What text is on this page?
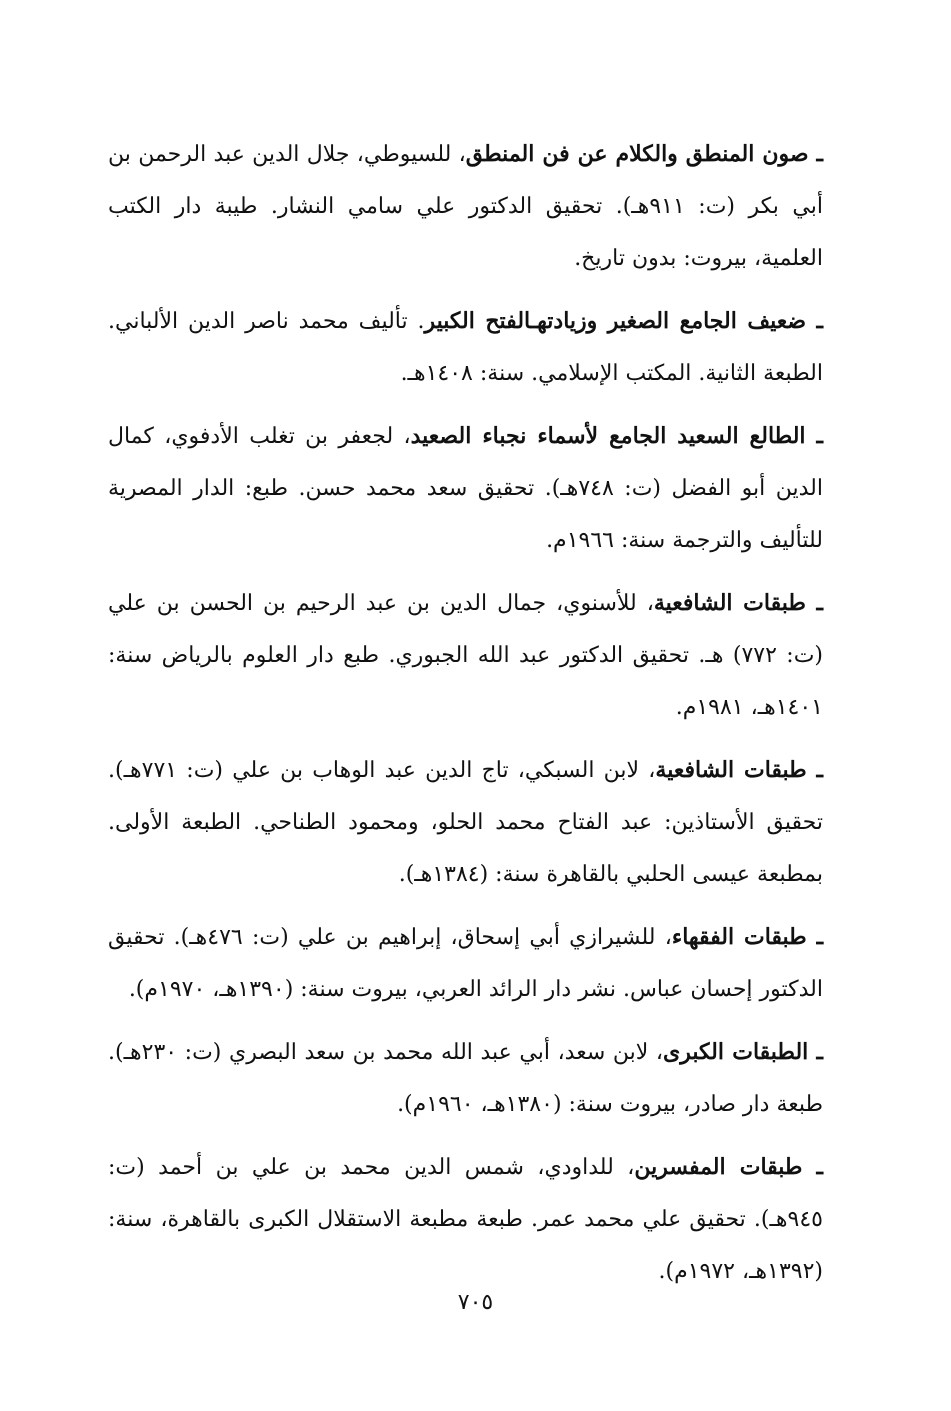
ـ صون المنطق والكلام عن فن المنطق، للسيوطي، جلال الدين عبد الرحمن بن أبي بكر (ت: ٩١١هـ). تحقيق الدكتور علي سامي النشار. طيبة دار الكتب العلمية، بيروت: بدون تاريخ.

ـ ضعيف الجامع الصغير وزيادتهـالفتح الكبير. تأليف محمد ناصر الدين الألباني. الطبعة الثانية. المكتب الإسلامي. سنة: ١٤٠٨هـ.

ـ الطالع السعيد الجامع لأسماء نجباء الصعيد، لجعفر بن تغلب الأدفوي، كمال الدين أبو الفضل (ت: ٧٤٨هـ). تحقيق سعد محمد حسن. طبع: الدار المصرية للتأليف والترجمة سنة: ١٩٦٦م.

ـ طبقات الشافعية، للأسنوي، جمال الدين بن عبد الرحيم بن الحسن بن علي (ت: ٧٧٢) هـ. تحقيق الدكتور عبد الله الجبوري. طبع دار العلوم بالرياض سنة: ١٤٠١هـ، ١٩٨١م.

ـ طبقات الشافعية، لابن السبكي، تاج الدين عبد الوهاب بن علي (ت: ٧٧١هـ). تحقيق الأستاذين: عبد الفتاح محمد الحلو، ومحمود الطناحي. الطبعة الأولى. بمطبعة عيسى الحلبي بالقاهرة سنة: (١٣٨٤هـ).

ـ طبقات الفقهاء، للشيرازي أبي إسحاق، إبراهيم بن علي (ت: ٤٧٦هـ). تحقيق الدكتور إحسان عباس. نشر دار الرائد العربي، بيروت سنة: (١٣٩٠هـ، ١٩٧٠م).

ـ الطبقات الكبرى، لابن سعد، أبي عبد الله محمد بن سعد البصري (ت: ٢٣٠هـ). طبعة دار صادر، بيروت سنة: (١٣٨٠هـ، ١٩٦٠م).

ـ طبقات المفسرين، للداودي، شمس الدين محمد بن علي بن أحمد (ت: ٩٤٥هـ). تحقيق علي محمد عمر. طبعة مطبعة الاستقلال الكبرى بالقاهرة، سنة: (١٣٩٢هـ، ١٩٧٢م).

٧٠٥
